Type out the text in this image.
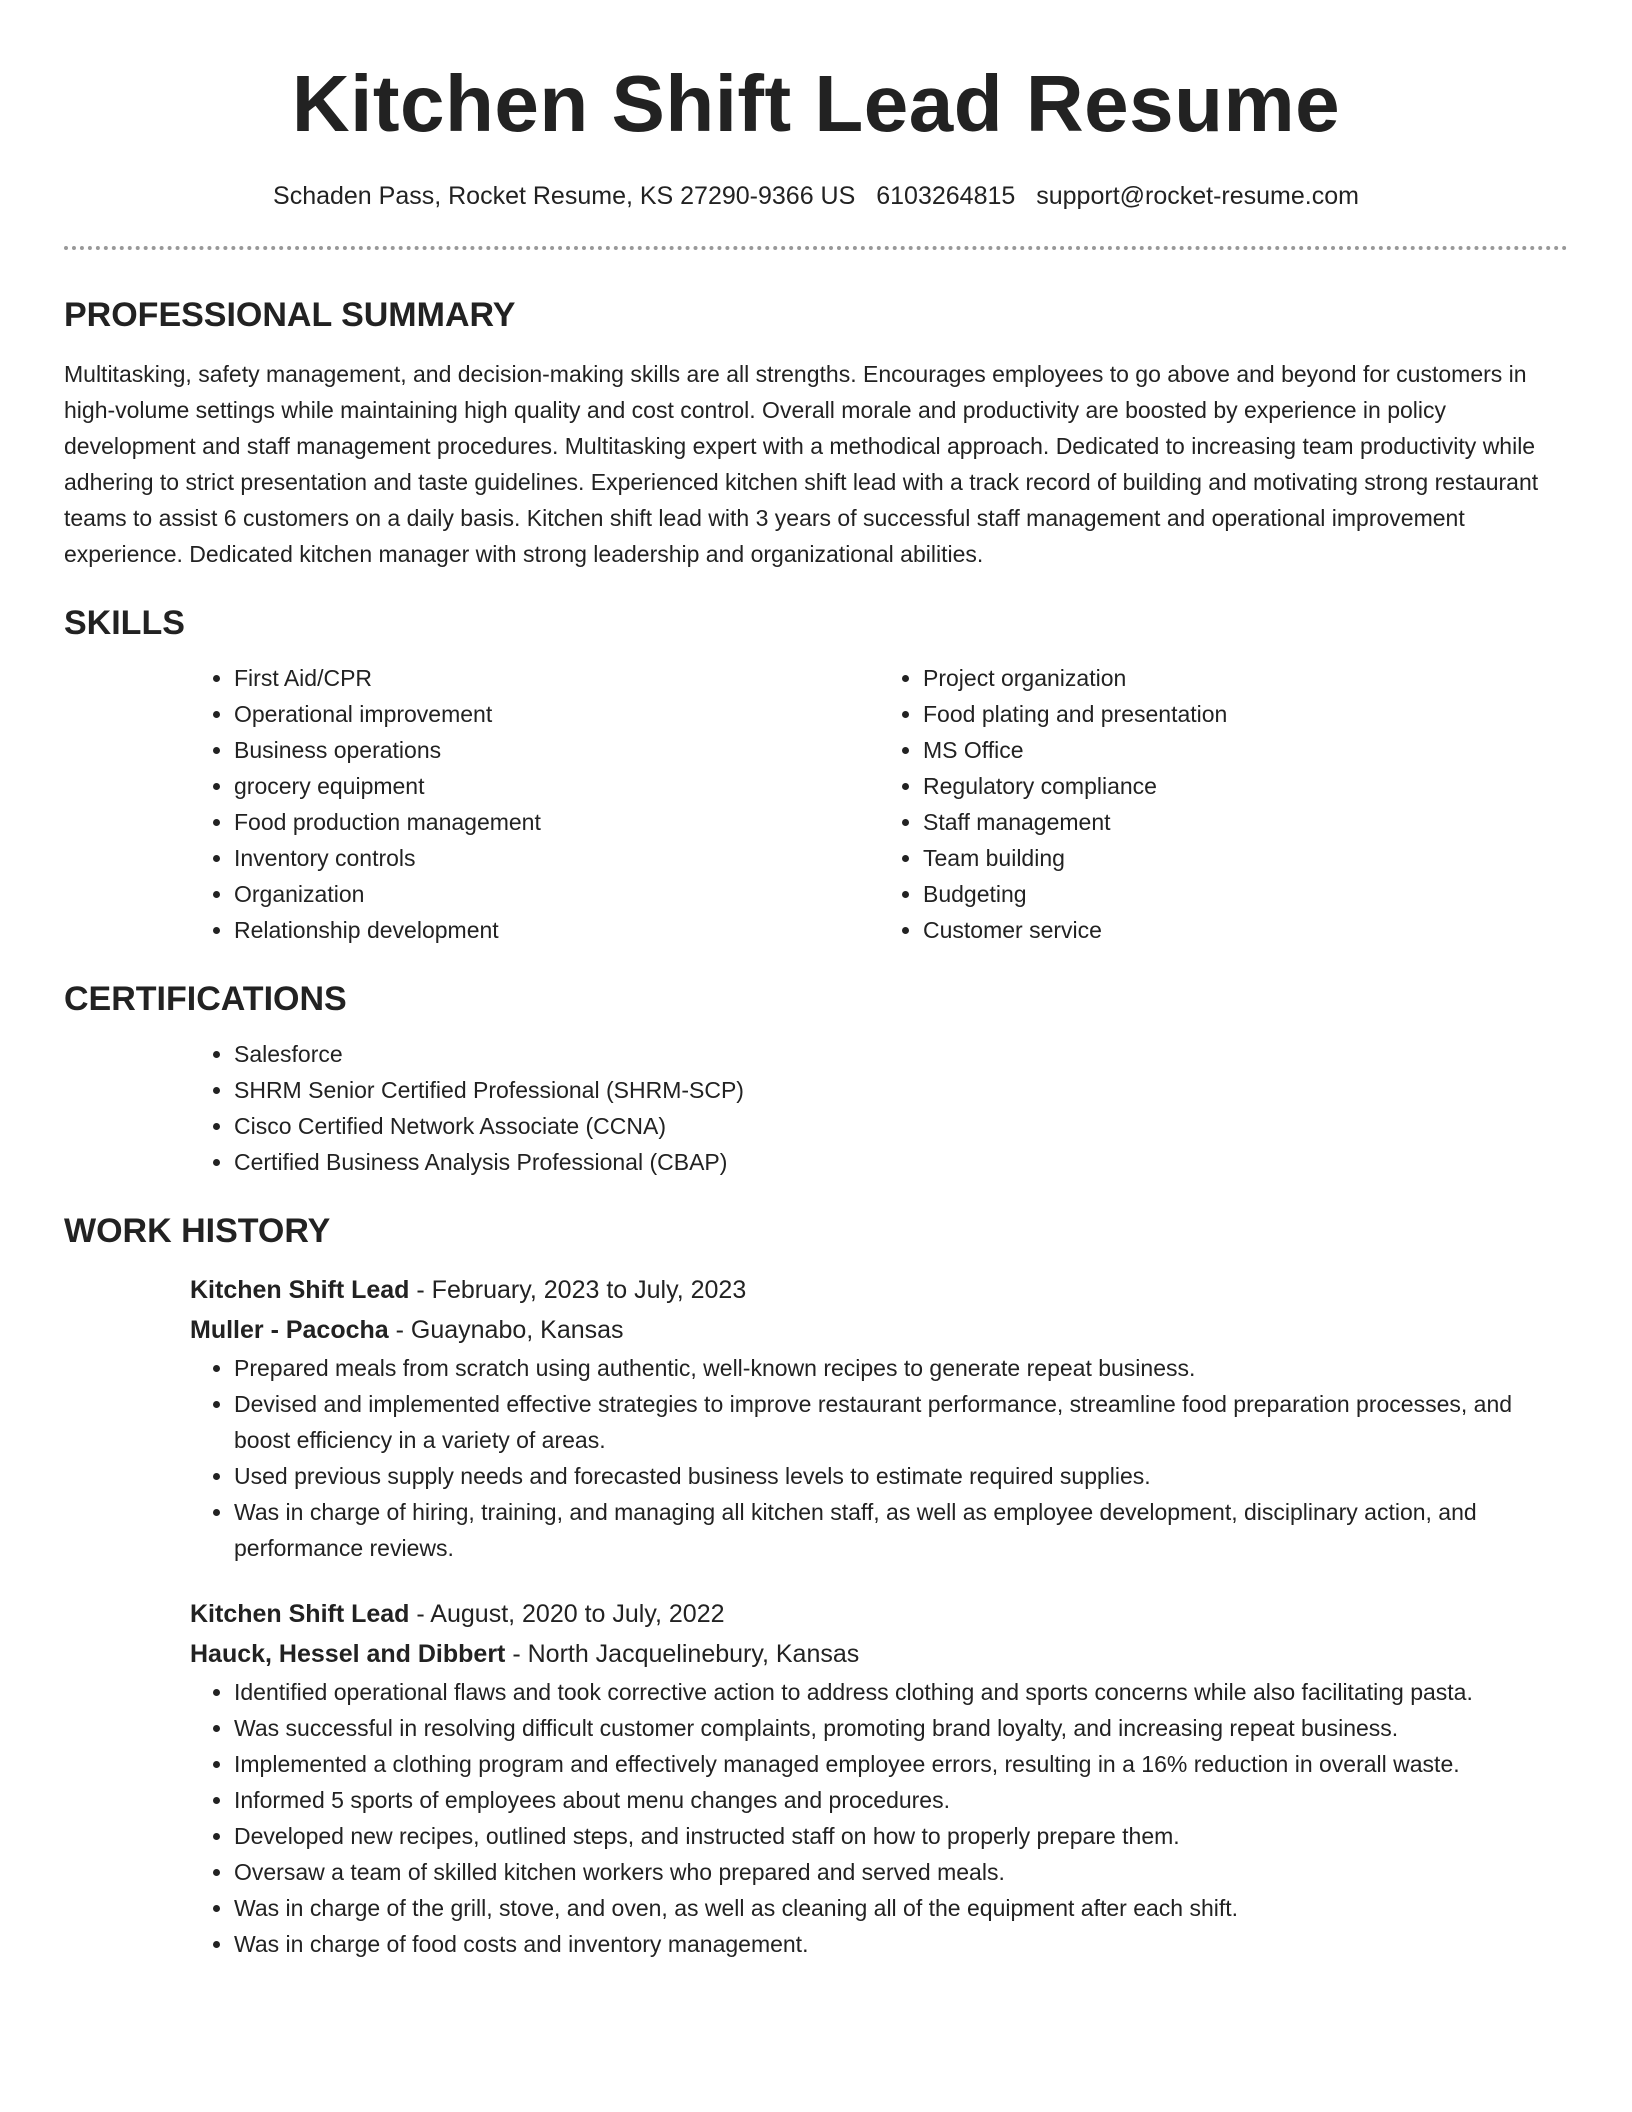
Kitchen Shift Lead Resume
Schaden Pass, Rocket Resume, KS 27290-9366 US 6103264815 support@rocket-resume.com
PROFESSIONAL SUMMARY

Multitasking, safety management, and decision-making skills are all strengths. Encourages employees to go above and beyond for customers in high-volume settings while maintaining high quality and cost control. Overall morale and productivity are boosted by experience in policy development and staff management procedures. Multitasking expert with a methodical approach. Dedicated to increasing team productivity while adhering to strict presentation and taste guidelines. Experienced kitchen shift lead with a track record of building and motivating strong restaurant teams to assist 6 customers on a daily basis. Kitchen shift lead with 3 years of successful staff management and operational improvement experience. Dedicated kitchen manager with strong leadership and organizational abilities.

SKILLS
• First Aid/CPR
• Operational improvement
• Business operations
• grocery equipment
• Food production management
• Inventory controls
• Organization
• Relationship development
• Project organization
• Food plating and presentation
• MS Office
• Regulatory compliance
• Staff management
• Team building
• Budgeting
• Customer service
CERTIFICATIONS
• Salesforce
• SHRM Senior Certified Professional (SHRM-SCP)
• Cisco Certified Network Associate (CCNA)
• Certified Business Analysis Professional (CBAP)
WORK HISTORY
Kitchen Shift Lead - February, 2023 to July, 2023
Muller - Pacocha - Guaynabo, Kansas
• Prepared meals from scratch using authentic, well-known recipes to generate repeat business.
• Devised and implemented effective strategies to improve restaurant performance, streamline food preparation processes, and boost efficiency in a variety of areas.
• Used previous supply needs and forecasted business levels to estimate required supplies.
• Was in charge of hiring, training, and managing all kitchen staff, as well as employee development, disciplinary action, and performance reviews.
Kitchen Shift Lead - August, 2020 to July, 2022
Hauck, Hessel and Dibbert - North Jacquelinebury, Kansas
• Identified operational flaws and took corrective action to address clothing and sports concerns while also facilitating pasta.
• Was successful in resolving difficult customer complaints, promoting brand loyalty, and increasing repeat business.
• Implemented a clothing program and effectively managed employee errors, resulting in a 16% reduction in overall waste.
• Informed 5 sports of employees about menu changes and procedures.
• Developed new recipes, outlined steps, and instructed staff on how to properly prepare them.
• Oversaw a team of skilled kitchen workers who prepared and served meals.
• Was in charge of the grill, stove, and oven, as well as cleaning all of the equipment after each shift.
• Was in charge of food costs and inventory management.
